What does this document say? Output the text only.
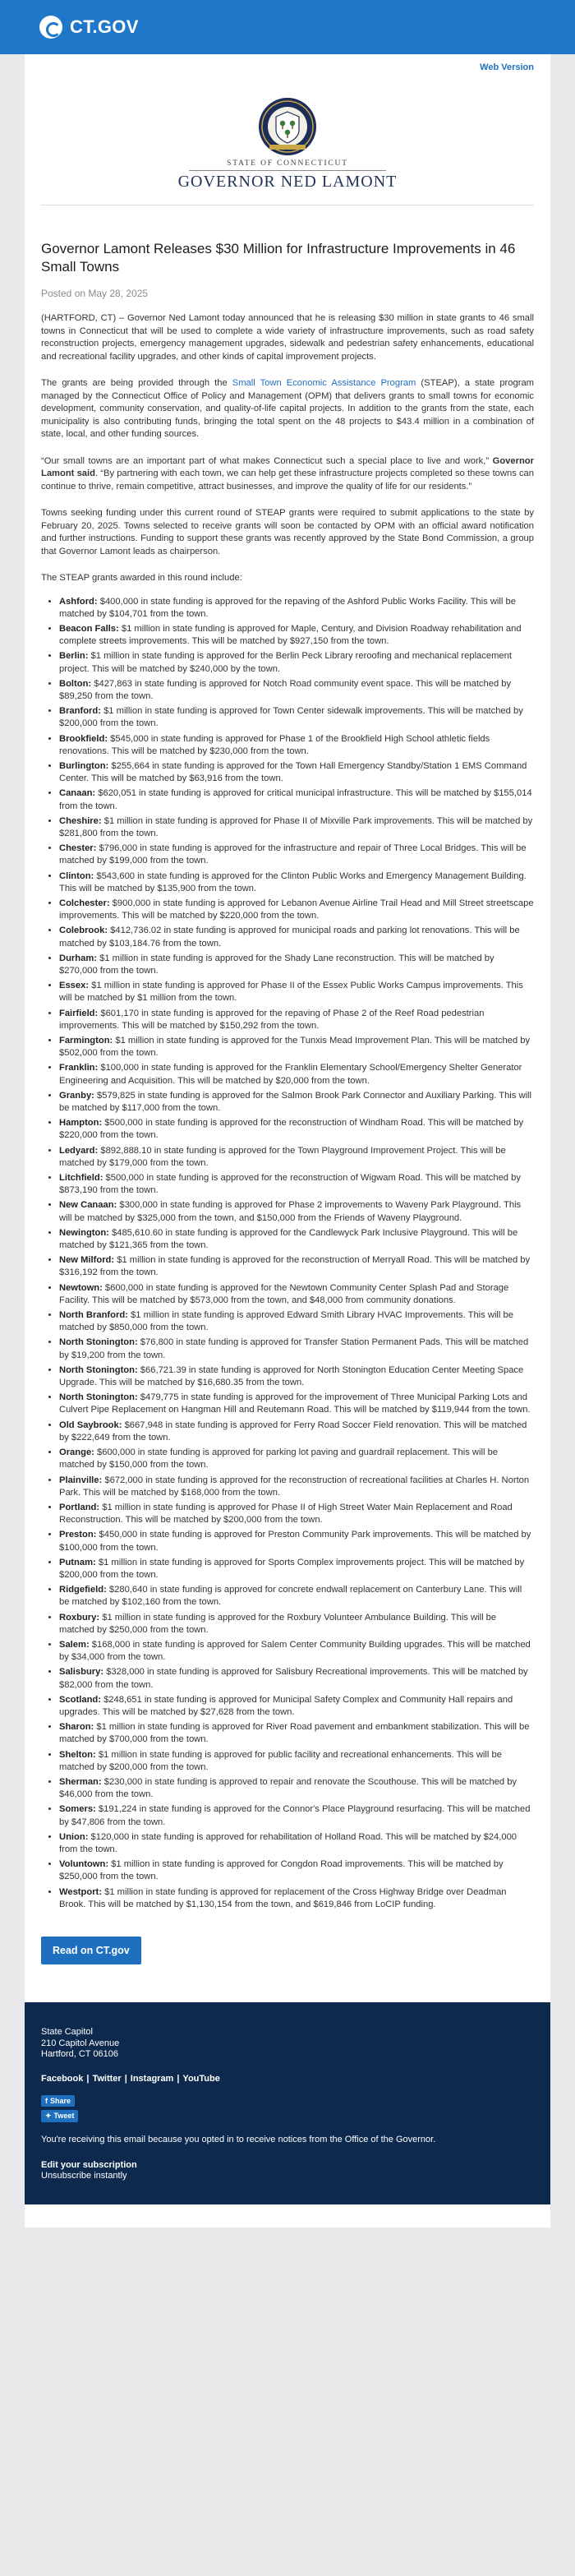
CT.GOV
Web Version
STATE OF CONNECTICUT
GOVERNOR NED LAMONT
Governor Lamont Releases $30 Million for Infrastructure Improvements in 46 Small Towns
Posted on May 28, 2025

(HARTFORD, CT) – Governor Ned Lamont today announced that he is releasing $30 million in state grants to 46 small towns in Connecticut that will be used to complete a wide variety of infrastructure improvements, such as road safety reconstruction projects, emergency management upgrades, sidewalk and pedestrian safety enhancements, educational and recreational facility upgrades, and other kinds of capital improvement projects.

The grants are being provided through the Small Town Economic Assistance Program (STEAP), a state program managed by the Connecticut Office of Policy and Management (OPM) that delivers grants to small towns for economic development, community conservation, and quality-of-life capital projects. In addition to the grants from the state, each municipality is also contributing funds, bringing the total spent on the 48 projects to $43.4 million in a combination of state, local, and other funding sources.

“Our small towns are an important part of what makes Connecticut such a special place to live and work,” Governor Lamont said. “By partnering with each town, we can help get these infrastructure projects completed so these towns can continue to thrive, remain competitive, attract businesses, and improve the quality of life for our residents.”

Towns seeking funding under this current round of STEAP grants were required to submit applications to the state by February 20, 2025. Towns selected to receive grants will soon be contacted by OPM with an official award notification and further instructions. Funding to support these grants was recently approved by the State Bond Commission, a group that Governor Lamont leads as chairperson.

The STEAP grants awarded in this round include:

• Ashford: $400,000 in state funding is approved for the repaving of the Ashford Public Works Facility. This will be matched by $104,701 from the town.
• Beacon Falls: $1 million in state funding is approved for Maple, Century, and Division Roadway rehabilitation and complete streets improvements. This will be matched by $927,150 from the town.
• Berlin: $1 million in state funding is approved for the Berlin Peck Library reroofing and mechanical replacement project. This will be matched by $240,000 by the town.
• Bolton: $427,863 in state funding is approved for Notch Road community event space. This will be matched by $89,250 from the town.
• Branford: $1 million in state funding is approved for Town Center sidewalk improvements. This will be matched by $200,000 from the town.
• Brookfield: $545,000 in state funding is approved for Phase 1 of the Brookfield High School athletic fields renovations. This will be matched by $230,000 from the town.
• Burlington: $255,664 in state funding is approved for the Town Hall Emergency Standby/Station 1 EMS Command Center. This will be matched by $63,916 from the town.
• Canaan: $620,051 in state funding is approved for critical municipal infrastructure. This will be matched by $155,014 from the town.
• Cheshire: $1 million in state funding is approved for Phase II of Mixville Park improvements. This will be matched by $281,800 from the town.
• Chester: $796,000 in state funding is approved for the infrastructure and repair of Three Local Bridges. This will be matched by $199,000 from the town.
• Clinton: $543,600 in state funding is approved for the Clinton Public Works and Emergency Management Building. This will be matched by $135,900 from the town.
• Colchester: $900,000 in state funding is approved for Lebanon Avenue Airline Trail Head and Mill Street streetscape improvements. This will be matched by $220,000 from the town.
• Colebrook: $412,736.02 in state funding is approved for municipal roads and parking lot renovations. This will be matched by $103,184.76 from the town.
• Durham: $1 million in state funding is approved for the Shady Lane reconstruction. This will be matched by $270,000 from the town.
• Essex: $1 million in state funding is approved for Phase II of the Essex Public Works Campus improvements. This will be matched by $1 million from the town.
• Fairfield: $601,170 in state funding is approved for the repaving of Phase 2 of the Reef Road pedestrian improvements. This will be matched by $150,292 from the town.
• Farmington: $1 million in state funding is approved for the Tunxis Mead Improvement Plan. This will be matched by $502,000 from the town.
• Franklin: $100,000 in state funding is approved for the Franklin Elementary School/Emergency Shelter Generator Engineering and Acquisition. This will be matched by $20,000 from the town.
• Granby: $579,825 in state funding is approved for the Salmon Brook Park Connector and Auxiliary Parking. This will be matched by $117,000 from the town.
• Hampton: $500,000 in state funding is approved for the reconstruction of Windham Road. This will be matched by $220,000 from the town.
• Ledyard: $892,888.10 in state funding is approved for the Town Playground Improvement Project. This will be matched by $179,000 from the town.
• Litchfield: $500,000 in state funding is approved for the reconstruction of Wigwam Road. This will be matched by $873,190 from the town.
• New Canaan: $300,000 in state funding is approved for Phase 2 improvements to Waveny Park Playground. This will be matched by $325,000 from the town, and $150,000 from the Friends of Waveny Playground.
• Newington: $485,610.60 in state funding is approved for the Candlewyck Park Inclusive Playground. This will be matched by $121,365 from the town.
• New Milford: $1 million in state funding is approved for the reconstruction of Merryall Road. This will be matched by $316,192 from the town.
• Newtown: $600,000 in state funding is approved for the Newtown Community Center Splash Pad and Storage Facility. This will be matched by $573,000 from the town, and $48,000 from community donations.
• North Branford: $1 million in state funding is approved Edward Smith Library HVAC Improvements. This will be matched by $850,000 from the town.
• North Stonington: $76,800 in state funding is approved for Transfer Station Permanent Pads. This will be matched by $19,200 from the town.
• North Stonington: $66,721.39 in state funding is approved for North Stonington Education Center Meeting Space Upgrade. This will be matched by $16,680.35 from the town.
• North Stonington: $479,775 in state funding is approved for the improvement of Three Municipal Parking Lots and Culvert Pipe Replacement on Hangman Hill and Reutemann Road. This will be matched by $119,944 from the town.
• Old Saybrook: $667,948 in state funding is approved for Ferry Road Soccer Field renovation. This will be matched by $222,649 from the town.
• Orange: $600,000 in state funding is approved for parking lot paving and guardrail replacement. This will be matched by $150,000 from the town.
• Plainville: $672,000 in state funding is approved for the reconstruction of recreational facilities at Charles H. Norton Park. This will be matched by $168,000 from the town.
• Portland: $1 million in state funding is approved for Phase II of High Street Water Main Replacement and Road Reconstruction. This will be matched by $200,000 from the town.
• Preston: $450,000 in state funding is approved for Preston Community Park improvements. This will be matched by $100,000 from the town.
• Putnam: $1 million in state funding is approved for Sports Complex improvements project. This will be matched by $200,000 from the town.
• Ridgefield: $280,640 in state funding is approved for concrete endwall replacement on Canterbury Lane. This will be matched by $102,160 from the town.
• Roxbury: $1 million in state funding is approved for the Roxbury Volunteer Ambulance Building. This will be matched by $250,000 from the town.
• Salem: $168,000 in state funding is approved for Salem Center Community Building upgrades. This will be matched by $34,000 from the town.
• Salisbury: $328,000 in state funding is approved for Salisbury Recreational improvements. This will be matched by $82,000 from the town.
• Scotland: $248,651 in state funding is approved for Municipal Safety Complex and Community Hall repairs and upgrades. This will be matched by $27,628 from the town.
• Sharon: $1 million in state funding is approved for River Road pavement and embankment stabilization. This will be matched by $700,000 from the town.
• Shelton: $1 million in state funding is approved for public facility and recreational enhancements. This will be matched by $200,000 from the town.
• Sherman: $230,000 in state funding is approved to repair and renovate the Scouthouse. This will be matched by $46,000 from the town.
• Somers: $191,224 in state funding is approved for the Connor's Place Playground resurfacing. This will be matched by $47,806 from the town.
• Union: $120,000 in state funding is approved for rehabilitation of Holland Road. This will be matched by $24,000 from the town.
• Voluntown: $1 million in state funding is approved for Congdon Road improvements. This will be matched by $250,000 from the town.
• Westport: $1 million in state funding is approved for replacement of the Cross Highway Bridge over Deadman Brook. This will be matched by $1,130,154 from the town, and $619,846 from LoCIP funding.
Read on CT.gov
State Capitol
210 Capitol Avenue
Hartford, CT 06106
Facebook | Twitter | Instagram | YouTube
f Share
✦ Tweet
You're receiving this email because you opted in to receive notices from the Office of the Governor.
Edit your subscription
Unsubscribe instantly
